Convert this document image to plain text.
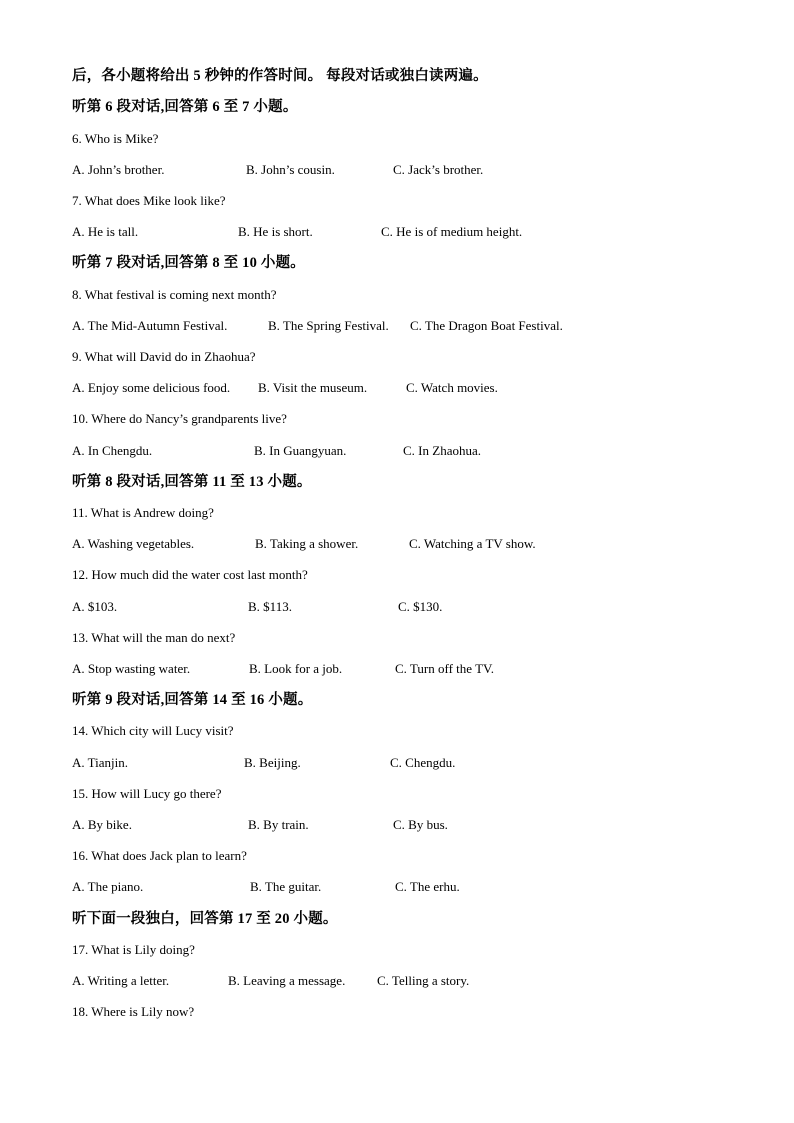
后，各小题将给出 5 秒钟的作答时间。 每段对话或独白读两遍。
听第 6 段对话,回答第 6 至 7 小题。
6. Who is Mike?
A. John’s brother.	B. John’s cousin.	C. Jack’s brother.
7. What does Mike look like?
A. He is tall.	B. He is short.	C. He is of medium height.
听第 7 段对话,回答第 8 至 10 小题。
8. What festival is coming next month?
A. The Mid-Autumn Festival.	B. The Spring Festival. C. The Dragon Boat Festival.
9. What will David do in Zhaohua?
A. Enjoy some delicious food. B. Visit the museum.	C. Watch movies.
10. Where do Nancy’s grandparents live?
A. In Chengdu.	B. In Guangyuan.	C. In Zhaohua.
听第 8 段对话,回答第 11 至 13 小题。
11. What is Andrew doing?
A. Washing vegetables.	B. Taking a shower.	C. Watching a TV show.
12. How much did the water cost last month?
A. $103.	B. $113.	C. $130.
13. What will the man do next?
A. Stop wasting water.	B. Look for a job.	C. Turn off the TV.
听第 9 段对话,回答第 14 至 16 小题。
14. Which city will Lucy visit?
A. Tianjin.	B. Beijing.	C. Chengdu.
15. How will Lucy go there?
A. By bike.	B. By train.	C. By bus.
16. What does Jack plan to learn?
A. The piano.	B. The guitar.	C. The erhu.
听下面一段独白，回答第 17 至 20 小题。
17. What is Lily doing?
A. Writing a letter.	B. Leaving a message. C. Telling a story.
18. Where is Lily now?
